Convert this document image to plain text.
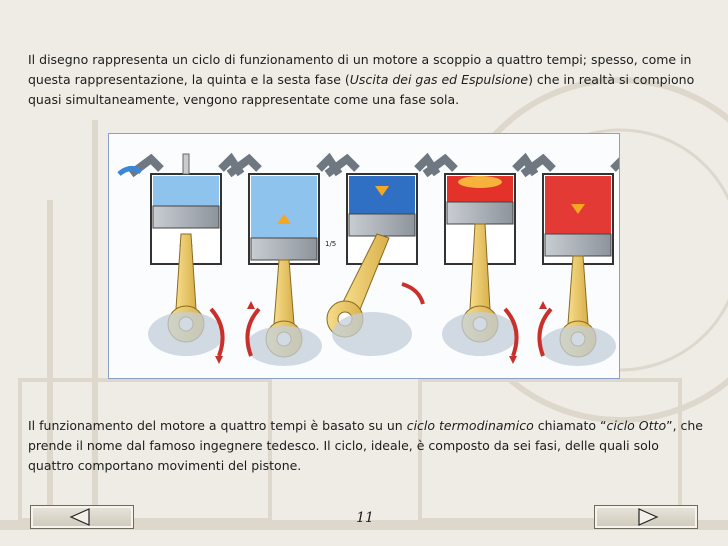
Il disegno rappresenta un ciclo di funzionamento di un motore a scoppio a quattro tempi; spesso, come in questa rappresentazione, la quinta e la sesta fase (Uscita dei gas ed Espulsione) che in realtà si compiono quasi simultaneamente, vengono rappresentate come una fase sola.

1/5

Il funzionamento del motore a quattro tempi è basato su un ciclo termodinamico chiamato “ciclo Otto”, che prende il nome dal famoso ingegnere tedesco. Il ciclo, ideale, è composto da sei fasi, delle quali solo quattro comportano movimenti del pistone.

11
